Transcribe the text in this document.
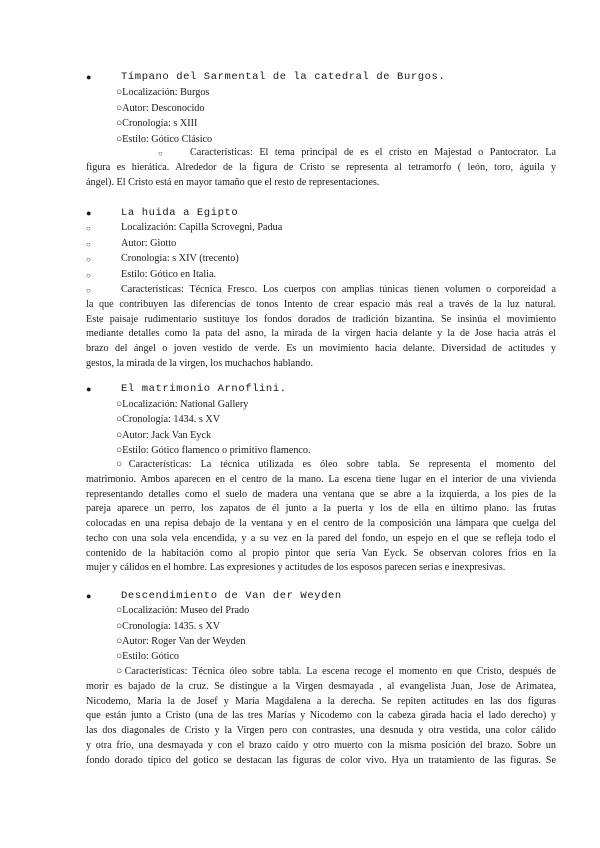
●	Tímpano del Sarmental de la catedral de Burgos.
○Localización: Burgos
○Autor: Desconocido
○Cronología: s XIII
○Estilo: Gótico Clásico
○	Características: El tema principal de es el cristo en Majestad o Pantocrator. La
figura es hierática. Alrededor de la figura de Cristo se representa al tetramorfo ( león, toro, águila y
ángel). El Cristo está en mayor tamaño que el resto de representaciones.
●	La huida a Egipto
○	Localización: Capilla Scrovegni, Padua
○	Autor: Giotto
○	Cronología: s XIV (trecento)
○	Estilo: Gótico en Italia.
○	Características: Técnica Fresco. Los cuerpos con amplias túnicas tienen volumen o corporeidad a
la que contribuyen las diferencias de tonos Intento de crear espacio más real a través de la luz natural.
Este paisaje rudimentario sustituye los fondos dorados de tradición bizantina. Se insinúa el movimiento
mediante detalles como la pata del asno, la mirada de la virgen hacia delante y la de Jose hacia atrás el
brazo del ángel o joven vestido de verde. Es un movimiento hacia delante. Diversidad de actitudes y
gestos, la mirada de la virgen, los muchachos hablando.
●	El matrimonio Arnoflini.
○Localización: National Gallery
○Cronología: 1434. s XV
○Autor: Jack Van Eyck
○Estilo: Gótico flamenco o primitivo flamenco.
○Características: La técnica utilizada es óleo sobre tabla. Se representa el momento del
matrimonio. Ambos aparecen en el centro de la mano. La escena tiene lugar en el interior de una vivienda
representando detalles como el suelo de madera una ventana que se abre a la izquierda, a los pies de la
pareja aparece un perro, los zapatos de él junto a la puerta y los de ella en último plano. las frutas
colocadas en una repisa debajo de la ventana y en el centro de la composición una lámpara que cuelga del
techo con una sola vela encendida, y a su vez en la pared del fondo, un espejo en el que se refleja todo el
contenido de la habitación como al propio pintor que sería Van Eyck. Se observan colores fríos en la
mujer y cálidos en el hombre. Las expresiones y actitudes de los esposos parecen serias e inexpresivas.
●	Descendimiento de Van der Weyden
○Localización: Museo del Prado
○Cronología: 1435. s XV
○Autor: Roger Van der Weyden
○Estilo: Gótico
○Características: Técnica óleo sobre tabla. La escena recoge el momento en que Cristo, después de
morir es bajado de la cruz. Se distingue a la Virgen desmayada , al evangelista Juan, Jose de Arimatea,
Nicodemo, María la de Josef y María Magdalena a la derecha. Se repiten actitudes en las dos figuras
que están junto a Cristo (una de las tres Marías y Nicodemo con la cabeza girada hacia el lado derecho) y
las dos diagonales de Cristo y la Virgen pero con contrastes, una desnuda y otra vestida, una color cálido
y otra frío, una desmayada y con el brazo caído y otro muerto con la misma posición del brazo. Sobre un
fondo dorado típico del gotico se destacan las figuras de color vivo. Hya un tratamiento de las figuras. Se
